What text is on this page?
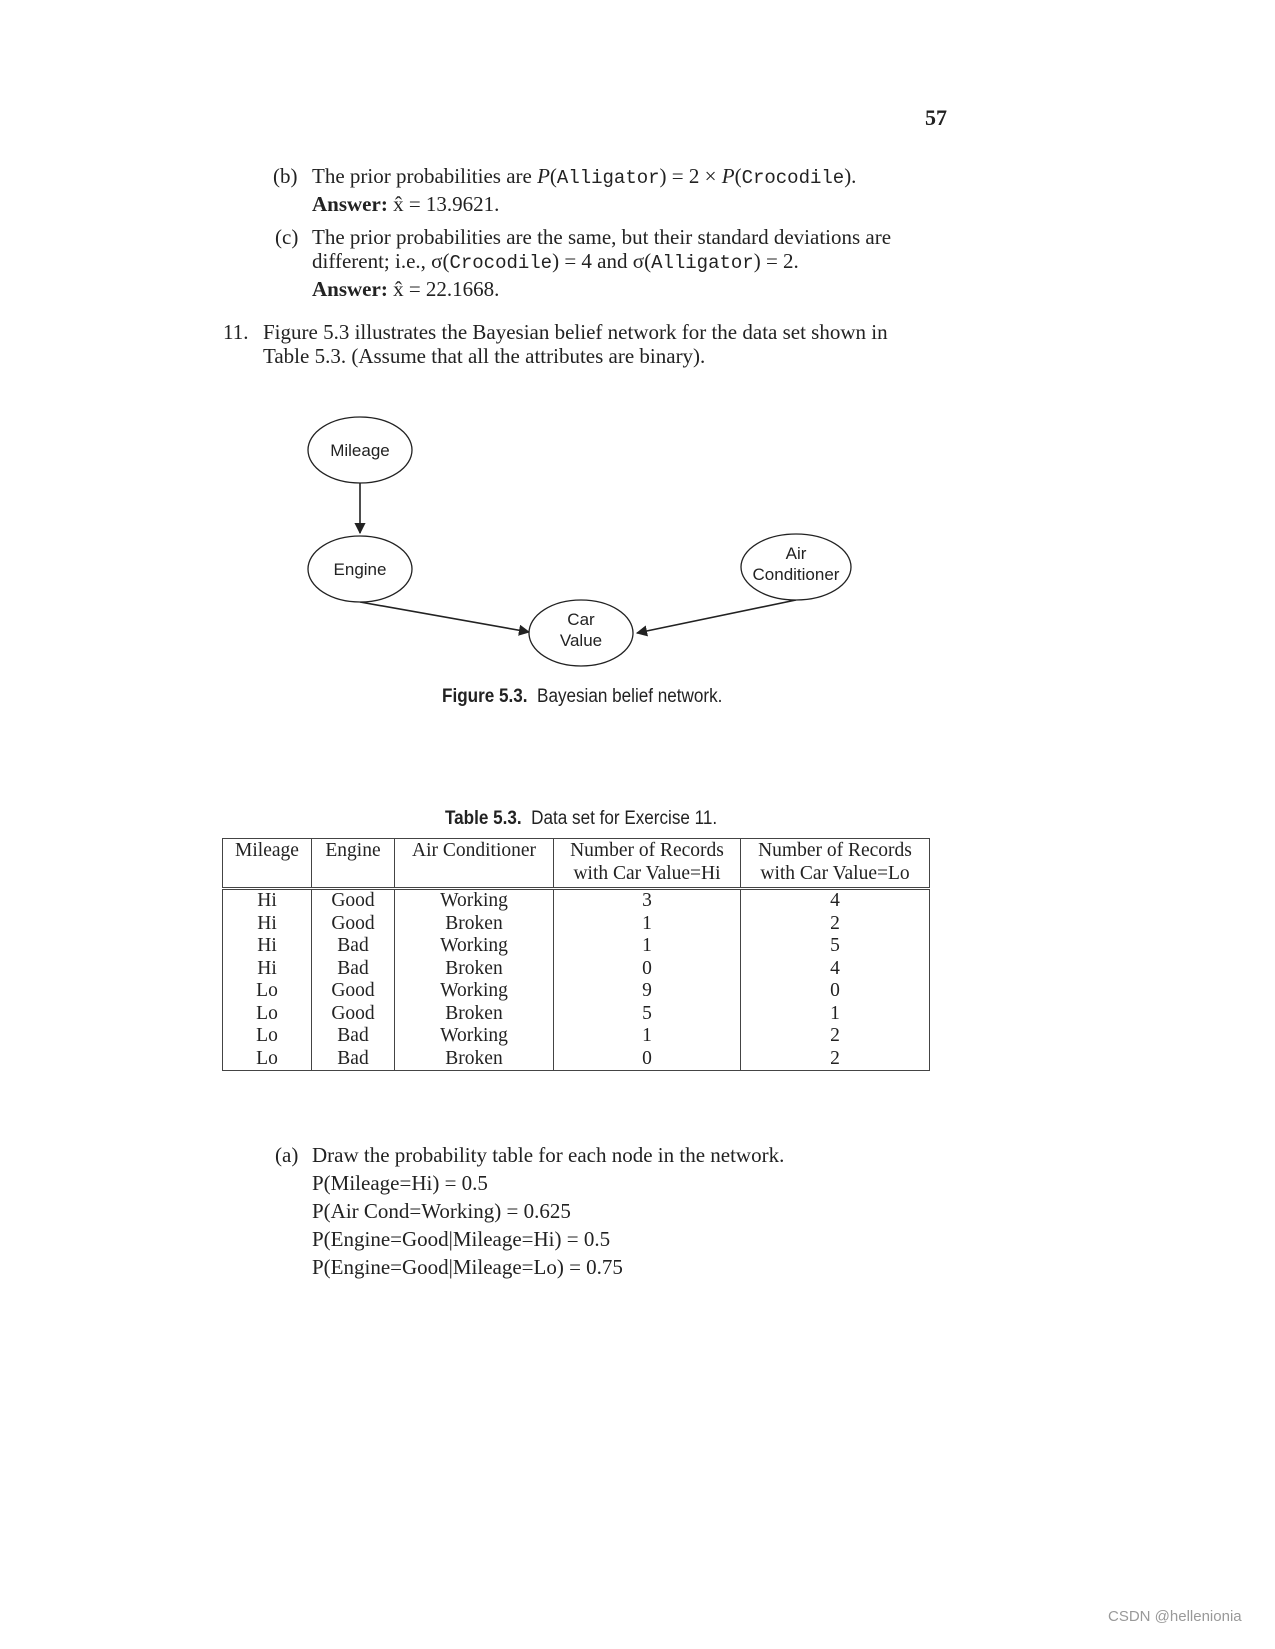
57
(b) The prior probabilities are P(Alligator) = 2 × P(Crocodile).
Answer: x̂ = 13.9621.
(c) The prior probabilities are the same, but their standard deviations are
different; i.e., σ(Crocodile) = 4 and σ(Alligator) = 2.
Answer: x̂ = 22.1668.
11. Figure 5.3 illustrates the Bayesian belief network for the data set shown in
Table 5.3. (Assume that all the attributes are binary).
Mileage
Engine
Air
Conditioner
Car
Value
Figure 5.3. Bayesian belief network.
Table 5.3. Data set for Exercise 11.
Mileage	Engine	Air Conditioner	Number of Records	Number of Records
			with Car Value=Hi	with Car Value=Lo
Hi	Good	Working	3	4
Hi	Good	Broken	1	2
Hi	Bad	Working	1	5
Hi	Bad	Broken	0	4
Lo	Good	Working	9	0
Lo	Good	Broken	5	1
Lo	Bad	Working	1	2
Lo	Bad	Broken	0	2
(a) Draw the probability table for each node in the network.
P(Mileage=Hi) = 0.5
P(Air Cond=Working) = 0.625
P(Engine=Good|Mileage=Hi) = 0.5
P(Engine=Good|Mileage=Lo) = 0.75
CSDN @hellenionia
